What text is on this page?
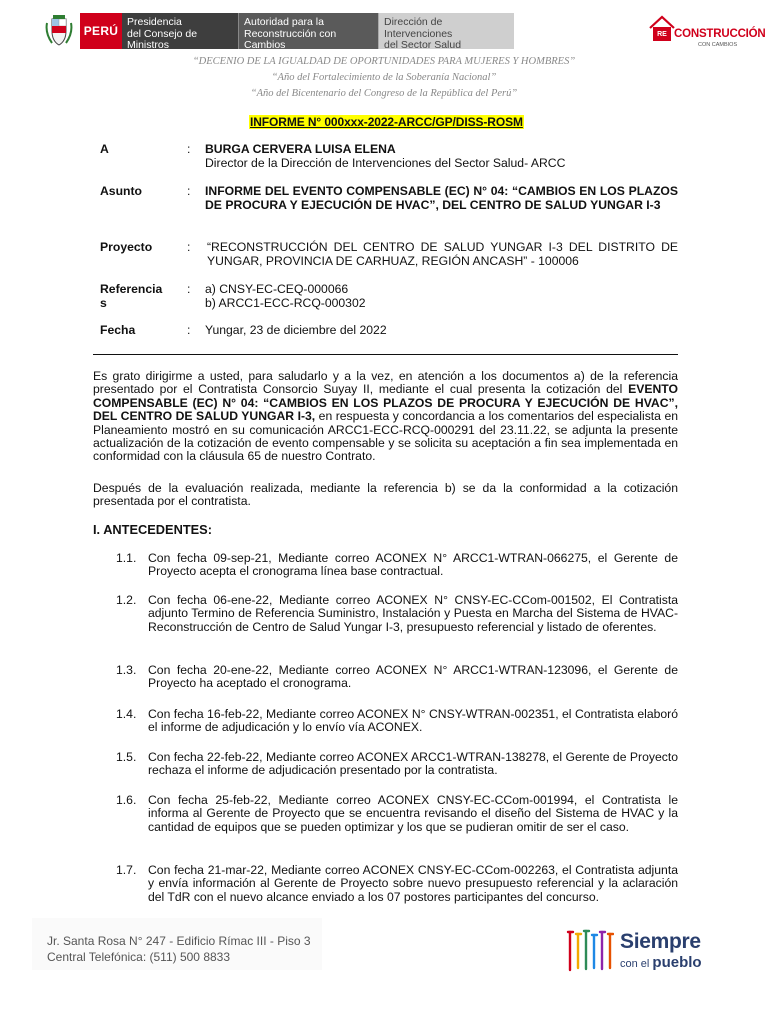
PERÚ
Presidencia
del Consejo de Ministros
Autoridad para la
Reconstrucción con Cambios
Dirección de Intervenciones
del Sector Salud
RE CONSTRUCCIÓN
CON CAMBIOS
“DECENIO DE LA IGUALDAD DE OPORTUNIDADES PARA MUJERES Y HOMBRES”
“Año del Fortalecimiento de la Soberanía Nacional”
“Año del Bicentenario del Congreso de la República del Perú”
INFORME N° 000xxx-2022-ARCC/GP/DISS-ROSM
A	: BURGA CERVERA LUISA ELENA
Director de la Dirección de Intervenciones del Sector Salud- ARCC
Asunto	: INFORME DEL EVENTO COMPENSABLE (EC) N° 04: “CAMBIOS EN LOS PLAZOS DE PROCURA Y EJECUCIÓN DE HVAC”, DEL CENTRO DE SALUD YUNGAR I-3
Proyecto	: “RECONSTRUCCIÓN DEL CENTRO DE SALUD YUNGAR I-3 DEL DISTRITO DE YUNGAR, PROVINCIA DE CARHUAZ, REGIÓN ANCASH” - 100006
Referencia
s
: a) CNSY-EC-CEQ-000066
b) ARCC1-ECC-RCQ-000302
Fecha	: Yungar, 23 de diciembre del 2022
Es grato dirigirme a usted, para saludarlo y a la vez, en atención a los documentos a) de la referencia presentado por el Contratista Consorcio Suyay II, mediante el cual presenta la cotización del EVENTO COMPENSABLE (EC) N° 04: “CAMBIOS EN LOS PLAZOS DE PROCURA Y EJECUCIÓN DE HVAC”, DEL CENTRO DE SALUD YUNGAR I-3, en respuesta y concordancia a los comentarios del especialista en Planeamiento mostró en su comunicación ARCC1-ECC-RCQ-000291 del 23.11.22, se adjunta la presente actualización de la cotización de evento compensable y se solicita su aceptación a fin sea implementada en conformidad con la cláusula 65 de nuestro Contrato.
Después de la evaluación realizada, mediante la referencia b) se da la conformidad a la cotización presentada por el contratista.
I. ANTECEDENTES:
1.1. Con fecha 09-sep-21, Mediante correo ACONEX N° ARCC1-WTRAN-066275, el Gerente de Proyecto acepta el cronograma línea base contractual.
1.2. Con fecha 06-ene-22, Mediante correo ACONEX N° CNSY-EC-CCom-001502, El Contratista adjunto Termino de Referencia Suministro, Instalación y Puesta en Marcha del Sistema de HVAC-Reconstrucción de Centro de Salud Yungar I-3, presupuesto referencial y listado de oferentes.
1.3. Con fecha 20-ene-22, Mediante correo ACONEX N° ARCC1-WTRAN-123096, el Gerente de Proyecto ha aceptado el cronograma.
1.4. Con fecha 16-feb-22, Mediante correo ACONEX N° CNSY-WTRAN-002351, el Contratista elaboró el informe de adjudicación y lo envío vía ACONEX.
1.5. Con fecha 22-feb-22, Mediante correo ACONEX ARCC1-WTRAN-138278, el Gerente de Proyecto rechaza el informe de adjudicación presentado por la contratista.
1.6. Con fecha 25-feb-22, Mediante correo ACONEX CNSY-EC-CCom-001994, el Contratista le informa al Gerente de Proyecto que se encuentra revisando el diseño del Sistema de HVAC y la cantidad de equipos que se pueden optimizar y los que se pudieran omitir de ser el caso.
1.7. Con fecha 21-mar-22, Mediante correo ACONEX CNSY-EC-CCom-002263, el Contratista adjunta y envía información al Gerente de Proyecto sobre nuevo presupuesto referencial y la aclaración del TdR con el nuevo alcance enviado a los 07 postores participantes del concurso.
Jr. Santa Rosa N° 247 - Edificio Rímac III - Piso 3
Central Telefónica: (511) 500 8833
Siempre
con el pueblo
